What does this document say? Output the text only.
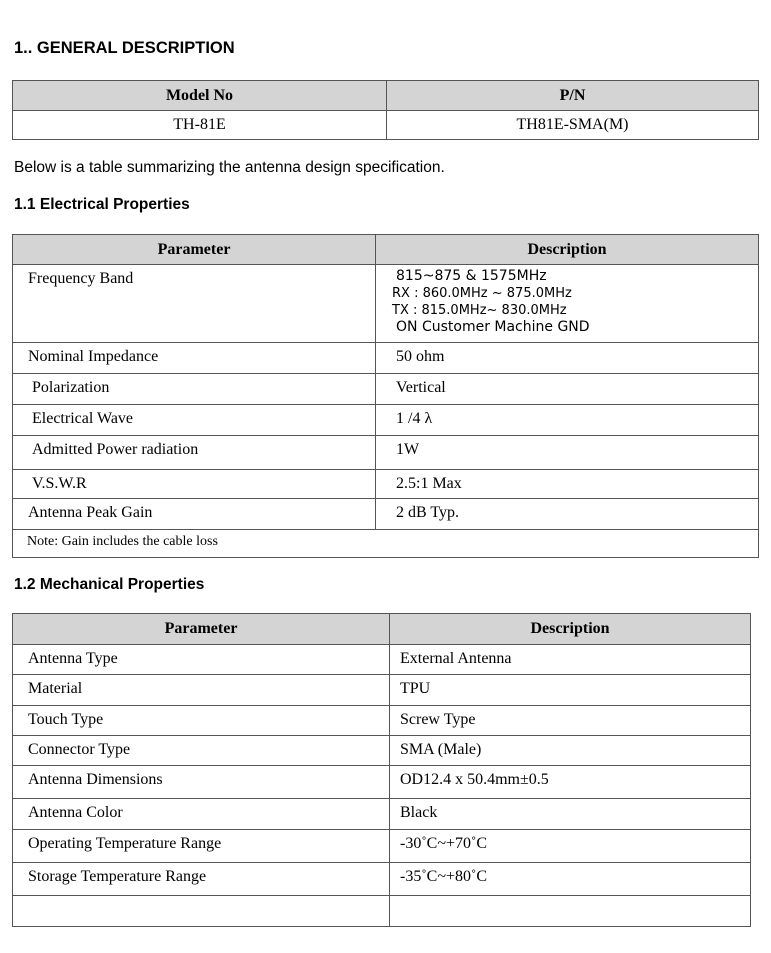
1.. GENERAL DESCRIPTION
Model No	P/N
TH-81E	TH81E-SMA(M)
Below is a table summarizing the antenna design specification.
1.1 Electrical Properties
Parameter	Description
Frequency Band	815~875 & 1575MHz
RX : 860.0MHz ~ 875.0MHz
TX : 815.0MHz~ 830.0MHz
ON Customer Machine GND

Nominal Impedance	50 ohm
Polarization	Vertical
Electrical Wave	1 /4 λ
Admitted Power radiation	1W
V.S.W.R	2.5:1 Max
Antenna Peak Gain	2 dB Typ.
Note: Gain includes the cable loss	
1.2 Mechanical Properties
Parameter	Description
Antenna Type	External Antenna
Material	TPU
Touch Type	Screw Type
Connector Type	SMA (Male)
Antenna Dimensions	OD12.4 x 50.4mm±0.5
Antenna Color	Black
Operating Temperature Range	-30˚C~+70˚C
Storage Temperature Range	-35˚C~+80˚C
